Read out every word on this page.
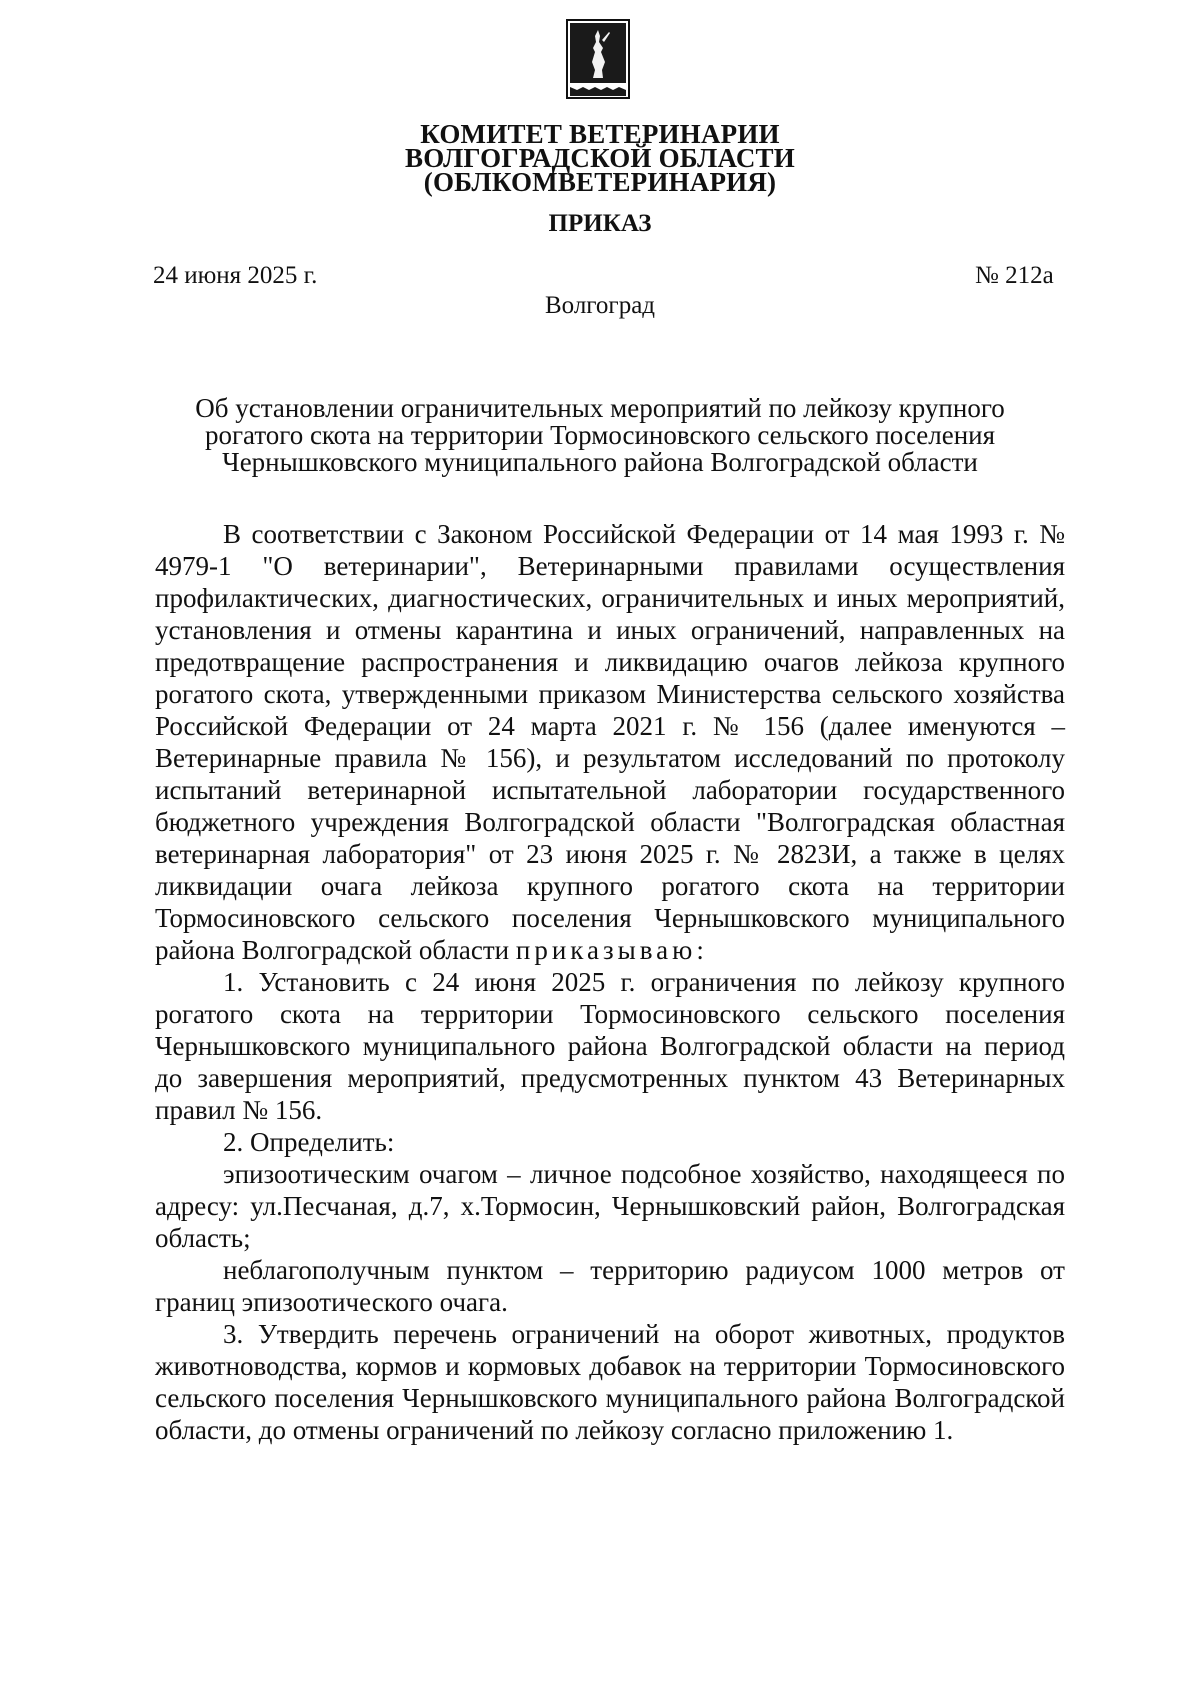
КОМИТЕТ ВЕТЕРИНАРИИ
ВОЛГОГРАДСКОЙ ОБЛАСТИ
(ОБЛКОМВЕТЕРИНАРИЯ)
ПРИКАЗ
24 июня 2025 г.	№ 212а
Волгоград
Об установлении ограничительных мероприятий по лейкозу крупного
рогатого скота на территории Тормосиновского сельского поселения
Чернышковского муниципального района Волгоградской области

В соответствии с Законом Российской Федерации от 14 мая 1993 г. № 4979-1 "О ветеринарии", Ветеринарными правилами осуществления профилактических, диагностических, ограничительных и иных мероприятий, установления и отмены карантина и иных ограничений, направленных на предотвращение распространения и ликвидацию очагов лейкоза крупного рогатого скота, утвержденными приказом Министерства сельского хозяйства Российской Федерации от 24 марта 2021 г. № 156 (далее именуются – Ветеринарные правила № 156), и результатом исследований по протоколу испытаний ветеринарной испытательной лаборатории государственного бюджетного учреждения Волгоградской области "Волгоградская областная ветеринарная лаборатория" от 23 июня 2025 г. № 2823И, а также в целях ликвидации очага лейкоза крупного рогатого скота на территории Тормосиновского сельского поселения Чернышковского муниципального района Волгоградской области приказываю:

1. Установить с 24 июня 2025 г. ограничения по лейкозу крупного рогатого скота на территории Тормосиновского сельского поселения Чернышковского муниципального района Волгоградской области на период до завершения мероприятий, предусмотренных пунктом 43 Ветеринарных правил № 156.

2. Определить:

эпизоотическим очагом – личное подсобное хозяйство, находящееся по адресу: ул.Песчаная, д.7, х.Тормосин, Чернышковский район, Волгоградская область;

неблагополучным пунктом – территорию радиусом 1000 метров от границ эпизоотического очага.

3. Утвердить перечень ограничений на оборот животных, продуктов животноводства, кормов и кормовых добавок на территории Тормосиновского сельского поселения Чернышковского муниципального района Волгоградской области, до отмены ограничений по лейкозу согласно приложению 1.
